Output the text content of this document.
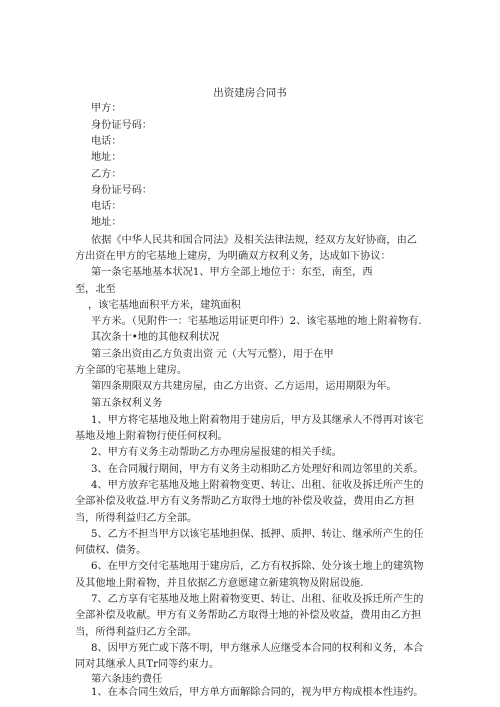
出资建房合同书
甲方：
身份证号码：
电话：
地址：
乙方：
身份证号码：
电话：
地址：
依据《中华人民共和国合同法》及相关法律法规，经双方友好协商，由乙
方出资在甲方的宅基地上建房，为明确双方权利义务，达成如下协议：
第一条宅基地基本状况1、甲方全部上地位于：东至，南至，西
至，北至
，该宅基地面积平方米，建筑面积
平方米。（见附件一：宅基地运用证更印件）2、该宅基地的地上附着物有.
其次条十•地的其他权利状况
第三条出资由乙方负责出资 元（大写元整），用于在甲
方全部的宅基地上建房。
第四条期限双方共建房屋，由乙方出资、乙方运用，运用期限为年。
第五条权利义务
1、甲方将宅基地及地上附着物用于建房后，甲方及其继承人不得再对该宅
基地及地上附着物行使任何权利。
2、甲方有义务主动帮助乙方办理房屋报建的相关手续。
3、在合同履行期间，甲方有义务主动相助乙方处理好和周边邻里的关系。
4、甲方放弃宅基地及地上附着物变更、转让、出租、征收及拆迁所产生的
全部补偿及收益.甲方有义务帮助乙方取得土地的补偿及收益，费用由乙方担
当，所得利益归乙方全部。
5、乙方不担当甲方以该宅基地担保、抵押、质押、转让、继承所产生的任
何债权、债务。
6、在甲方交付宅基地用于建房后，乙方有权拆除、处分该土地上的建筑物
及其他地上附着物，并且依据乙方意愿建立新建筑物及附屈设施.
7、乙方享有宅基地及地上附着物变更、转让、出租、征收及拆迁所产生的
全部补偿及收献。甲方有义务帮助乙方取得土地的补偿及收益，费用由乙方担
当，所得利益归乙方全部。
8、因甲方死亡或下落不明，甲方继承人应继受本合同的权利和义务，本合
同对其继承人具Tr同等约束力。
第六条违约费任
1、在本合同生效后，甲方单方面解除合同的，视为甲方构成根本性违约。
